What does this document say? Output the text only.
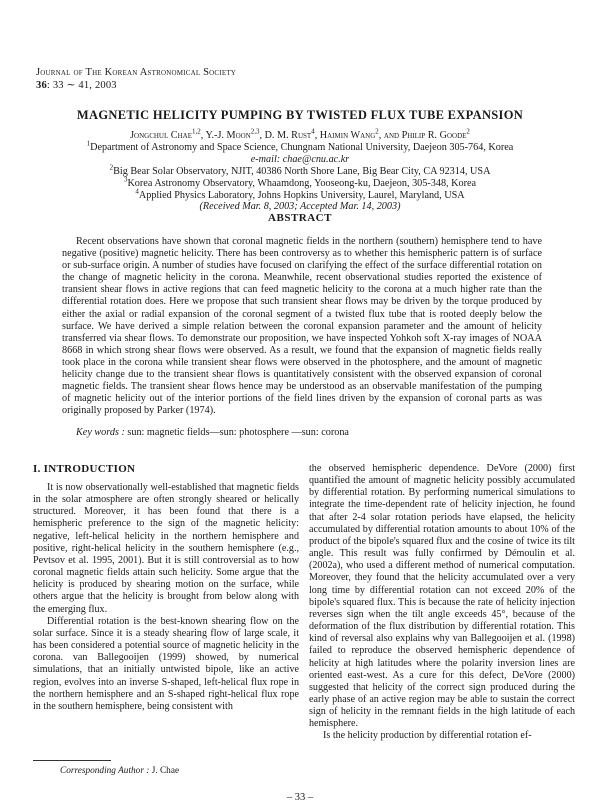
Journal of The Korean Astronomical Society
36: 33 ∼ 41, 2003
MAGNETIC HELICITY PUMPING BY TWISTED FLUX TUBE EXPANSION
Jongchul Chae$^{1,2}$, Y.-J. Moon$^{2,3}$, D. M. Rust$^4$, Haimin Wang$^2$, and Philip R. Goode$^2$
$^1$Department of Astronomy and Space Science, Chungnam National University, Daejeon 305-764, Korea
e-mail: chae@cnu.ac.kr
$^2$Big Bear Solar Observatory, NJIT, 40386 North Shore Lane, Big Bear City, CA 92314, USA
$^3$Korea Astronomy Observatory, Whaamdong, Yooseong-ku, Daejeon, 305-348, Korea
$^4$Applied Physics Laboratory, Johns Hopkins University, Laurel, Maryland, USA
(Received Mar. 8, 2003; Accepted Mar. 14, 2003)
ABSTRACT
Recent observations have shown that coronal magnetic fields in the northern (southern) hemisphere tend to have negative (positive) magnetic helicity. There has been controversy as to whether this hemispheric pattern is of surface or sub-surface origin. A number of studies have focused on clarifying the effect of the surface differential rotation on the change of magnetic helicity in the corona. Meanwhile, recent observational studies reported the existence of transient shear flows in active regions that can feed magnetic helicity to the corona at a much higher rate than the differential rotation does. Here we propose that such transient shear flows may be driven by the torque produced by either the axial or radial expansion of the coronal segment of a twisted flux tube that is rooted deeply below the surface. We have derived a simple relation between the coronal expansion parameter and the amount of helicity transferred via shear flows. To demonstrate our proposition, we have inspected Yohkoh soft X-ray images of NOAA 8668 in which strong shear flows were observed. As a result, we found that the expansion of magnetic fields really took place in the corona while transient shear flows were observed in the photosphere, and the amount of magnetic helicity change due to the transient shear flows is quantitatively consistent with the observed expansion of coronal magnetic fields. The transient shear flows hence may be understood as an observable manifestation of the pumping of magnetic helicity out of the interior portions of the field lines driven by the expansion of coronal parts as was originally proposed by Parker (1974).
Key words : sun: magnetic fields—sun: photosphere —sun: corona
I. INTRODUCTION

It is now observationally well-established that magnetic fields in the solar atmosphere are often strongly sheared or helically structured. Moreover, it has been found that there is a hemispheric preference to the sign of the magnetic helicity: negative, left-helical helicity in the northern hemisphere and positive, right-helical helicity in the southern hemisphere (e.g., Pevtsov et al. 1995, 2001). But it is still controversial as to how coronal magnetic fields attain such helicity. Some argue that the helicity is produced by shearing motion on the surface, while others argue that the helicity is brought from below along with the emerging flux.

Differential rotation is the best-known shearing flow on the solar surface. Since it is a steady shearing flow of large scale, it has been considered a potential source of magnetic helicity in the corona. van Ballegooijen (1999) showed, by numerical simulations, that an initially untwisted bipole, like an active region, evolves into an inverse S-shaped, left-helical flux rope in the northern hemisphere and an S-shaped right-helical flux rope in the southern hemisphere, being consistent with

the observed hemispheric dependence. DeVore (2000) first quantified the amount of magnetic helicity possibly accumulated by differential rotation. By performing numerical simulations to integrate the time-dependent rate of helicity injection, he found that after 2-4 solar rotation periods have elapsed, the helicity accumulated by differential rotation amounts to about 10% of the product of the bipole's squared flux and the cosine of twice its tilt angle. This result was fully confirmed by Démoulin et al. (2002a), who used a different method of numerical computation. Moreover, they found that the helicity accumulated over a very long time by differential rotation can not exceed 20% of the bipole's squared flux. This is because the rate of helicity injection reverses sign when the tilt angle exceeds 45°, because of the deformation of the flux distribution by differential rotation. This kind of reversal also explains why van Ballegooijen et al. (1998) failed to reproduce the observed hemispheric dependence of helicity at high latitudes where the polarity inversion lines are oriented east-west. As a cure for this defect, DeVore (2000) suggested that helicity of the correct sign produced during the early phase of an active region may be able to sustain the correct sign of helicity in the remnant fields in the high latitude of each hemisphere.

Is the helicity production by differential rotation ef-

Corresponding Author : J. Chae
– 33 –
